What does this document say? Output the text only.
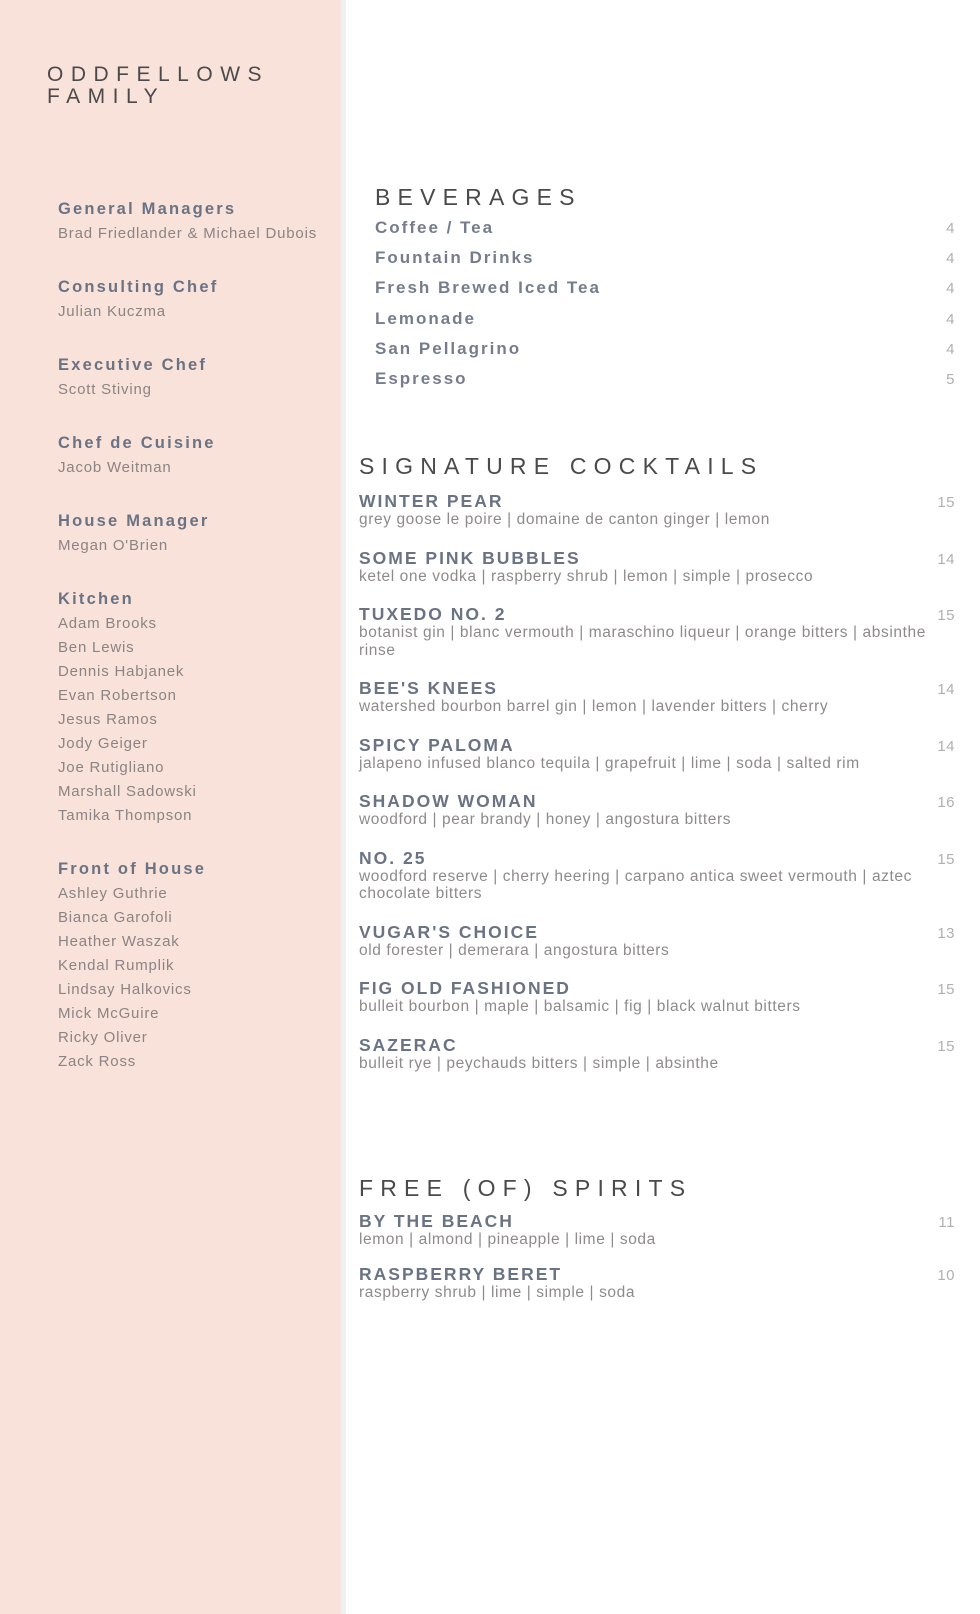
ODDFELLOWS
FAMILY
General Managers
Brad Friedlander & Michael Dubois
Consulting Chef
Julian Kuczma
Executive Chef
Scott Stiving
Chef de Cuisine
Jacob Weitman
House Manager
Megan O'Brien
Kitchen
Adam Brooks
Ben Lewis
Dennis Habjanek
Evan Robertson
Jesus Ramos
Jody Geiger
Joe Rutigliano
Marshall Sadowski
Tamika Thompson
Front of House
Ashley Guthrie
Bianca Garofoli
Heather Waszak
Kendal Rumplik
Lindsay Halkovics
Mick McGuire
Ricky Oliver
Zack Ross
BEVERAGES
Coffee / Tea	4
Fountain Drinks	4
Fresh Brewed Iced Tea	4
Lemonade	4
San Pellagrino	4
Espresso	5
SIGNATURE COCKTAILS
WINTER PEAR	15
grey goose le poire | domaine de canton ginger | lemon
SOME PINK BUBBLES	14
ketel one vodka | raspberry shrub | lemon | simple | prosecco
TUXEDO NO. 2	15
botanist gin | blanc vermouth | maraschino liqueur | orange bitters | absinthe rinse
BEE'S KNEES	14
watershed bourbon barrel gin | lemon | lavender bitters | cherry
SPICY PALOMA	14
jalapeno infused blanco tequila | grapefruit | lime | soda | salted rim
SHADOW WOMAN	16
woodford | pear brandy | honey | angostura bitters
NO. 25	15
woodford reserve | cherry heering | carpano antica sweet vermouth | aztec chocolate bitters
VUGAR'S CHOICE	13
old forester | demerara | angostura bitters
FIG OLD FASHIONED	15
bulleit bourbon | maple | balsamic | fig | black walnut bitters
SAZERAC	15
bulleit rye | peychauds bitters | simple | absinthe
FREE (OF) SPIRITS
BY THE BEACH	11
lemon | almond | pineapple | lime | soda
RASPBERRY BERET	10
raspberry shrub | lime | simple | soda
